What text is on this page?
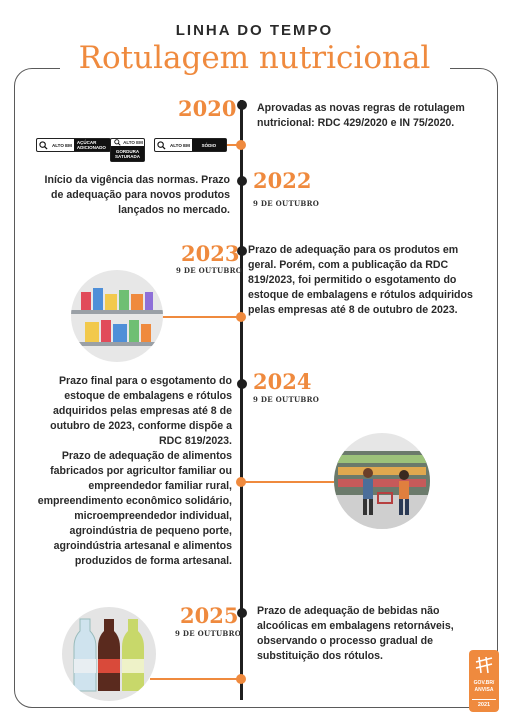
LINHA DO TEMPO
Rotulagem nutricional
2020 Aprovadas as novas regras de rotulagem nutricional: RDC 429/2020 e IN 75/2020.
ALTO EM	AÇÚCAR ADICIONADO
ALTO EM
GORDURA SATURADA
ALTO EM	SÓDIO
Início da vigência das normas. Prazo de adequação para novos produtos lançados no mercado.
2022
9 DE OUTUBRO
2023
9 DE OUTUBRO
Prazo de adequação para os produtos em geral. Porém, com a publicação da RDC 819/2023, foi permitido o esgotamento do estoque de embalagens e rótulos adquiridos pelas empresas até 8 de outubro de 2023.
Prazo final para o esgotamento do estoque de embalagens e rótulos adquiridos pelas empresas até 8 de outubro de 2023, conforme dispõe a RDC 819/2023.
Prazo de adequação de alimentos fabricados por agricultor familiar ou empreendedor familiar rural, empreendimento econômico solidário, microempreendedor individual, agroindústria de pequeno porte, agroindústria artesanal e alimentos produzidos de forma artesanal.
2024
9 DE OUTUBRO
2025
9 DE OUTUBRO
Prazo de adequação de bebidas não alcoólicas em embalagens retornáveis, observando o processo gradual de substituição dos rótulos.
GOV.BR/
ANVISA
2021
